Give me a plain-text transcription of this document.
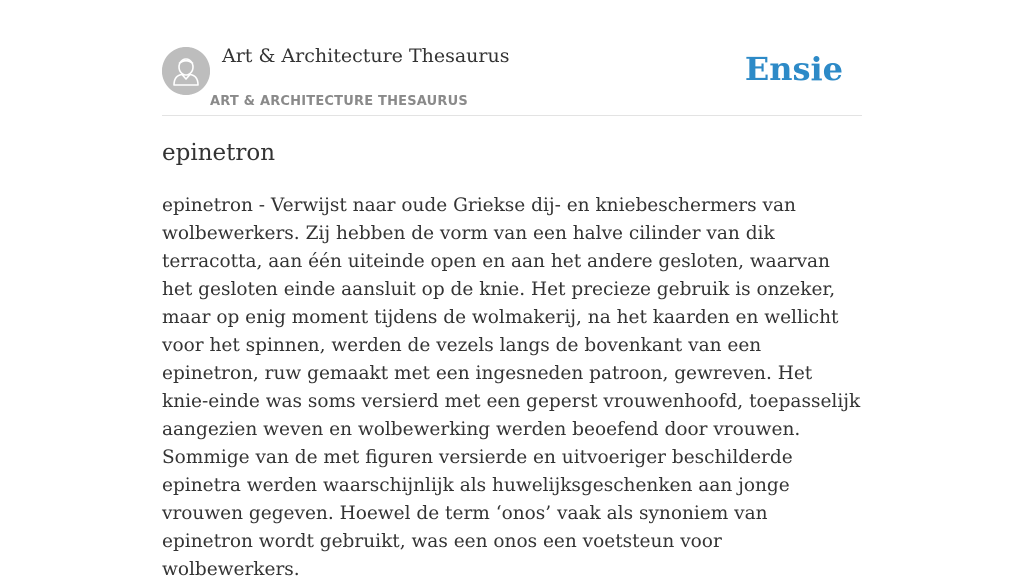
Art & Architecture Thesaurus
ART & ARCHITECTURE THESAURUS
Ensie
epinetron

epinetron - Verwijst naar oude Griekse dij- en kniebeschermers van wolbewerkers. Zij hebben de vorm van een halve cilinder van dik terracotta, aan één uiteinde open en aan het andere gesloten, waarvan het gesloten einde aansluit op de knie. Het precieze gebruik is onzeker, maar op enig moment tijdens de wolmakerij, na het kaarden en wellicht voor het spinnen, werden de vezels langs de bovenkant van een epinetron, ruw gemaakt met een ingesneden patroon, gewreven. Het knie-einde was soms versierd met een geperst vrouwenhoofd, toepasselijk aangezien weven en wolbewerking werden beoefend door vrouwen. Sommige van de met figuren versierde en uitvoeriger beschilderde epinetra werden waarschijnlijk als huwelijksgeschenken aan jonge vrouwen gegeven. Hoewel de term ‘onos’ vaak als synoniem van epinetron wordt gebruikt, was een onos een voetsteun voor wolbewerkers.
